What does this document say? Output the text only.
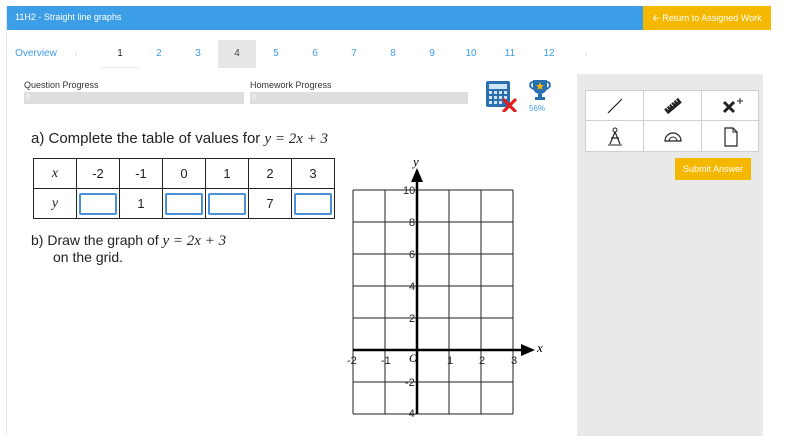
11H2 - Straight line graphs	🡨 Return to Assigned Work
Overview	‹	1	2	3	4	5	6	7	8	9	10	11	12	›
Question Progress
0
Homework Progress
0
56%
a) Complete the table of values for y = 2x + 3
x	-2	-1	0	1	2	3
y		1			7	
b) Draw the graph of y = 2x + 3
on the grid.
y
x
O
-2 -1	1 2 3
10
8
6
4
2
-2
-4
Submit Answer
